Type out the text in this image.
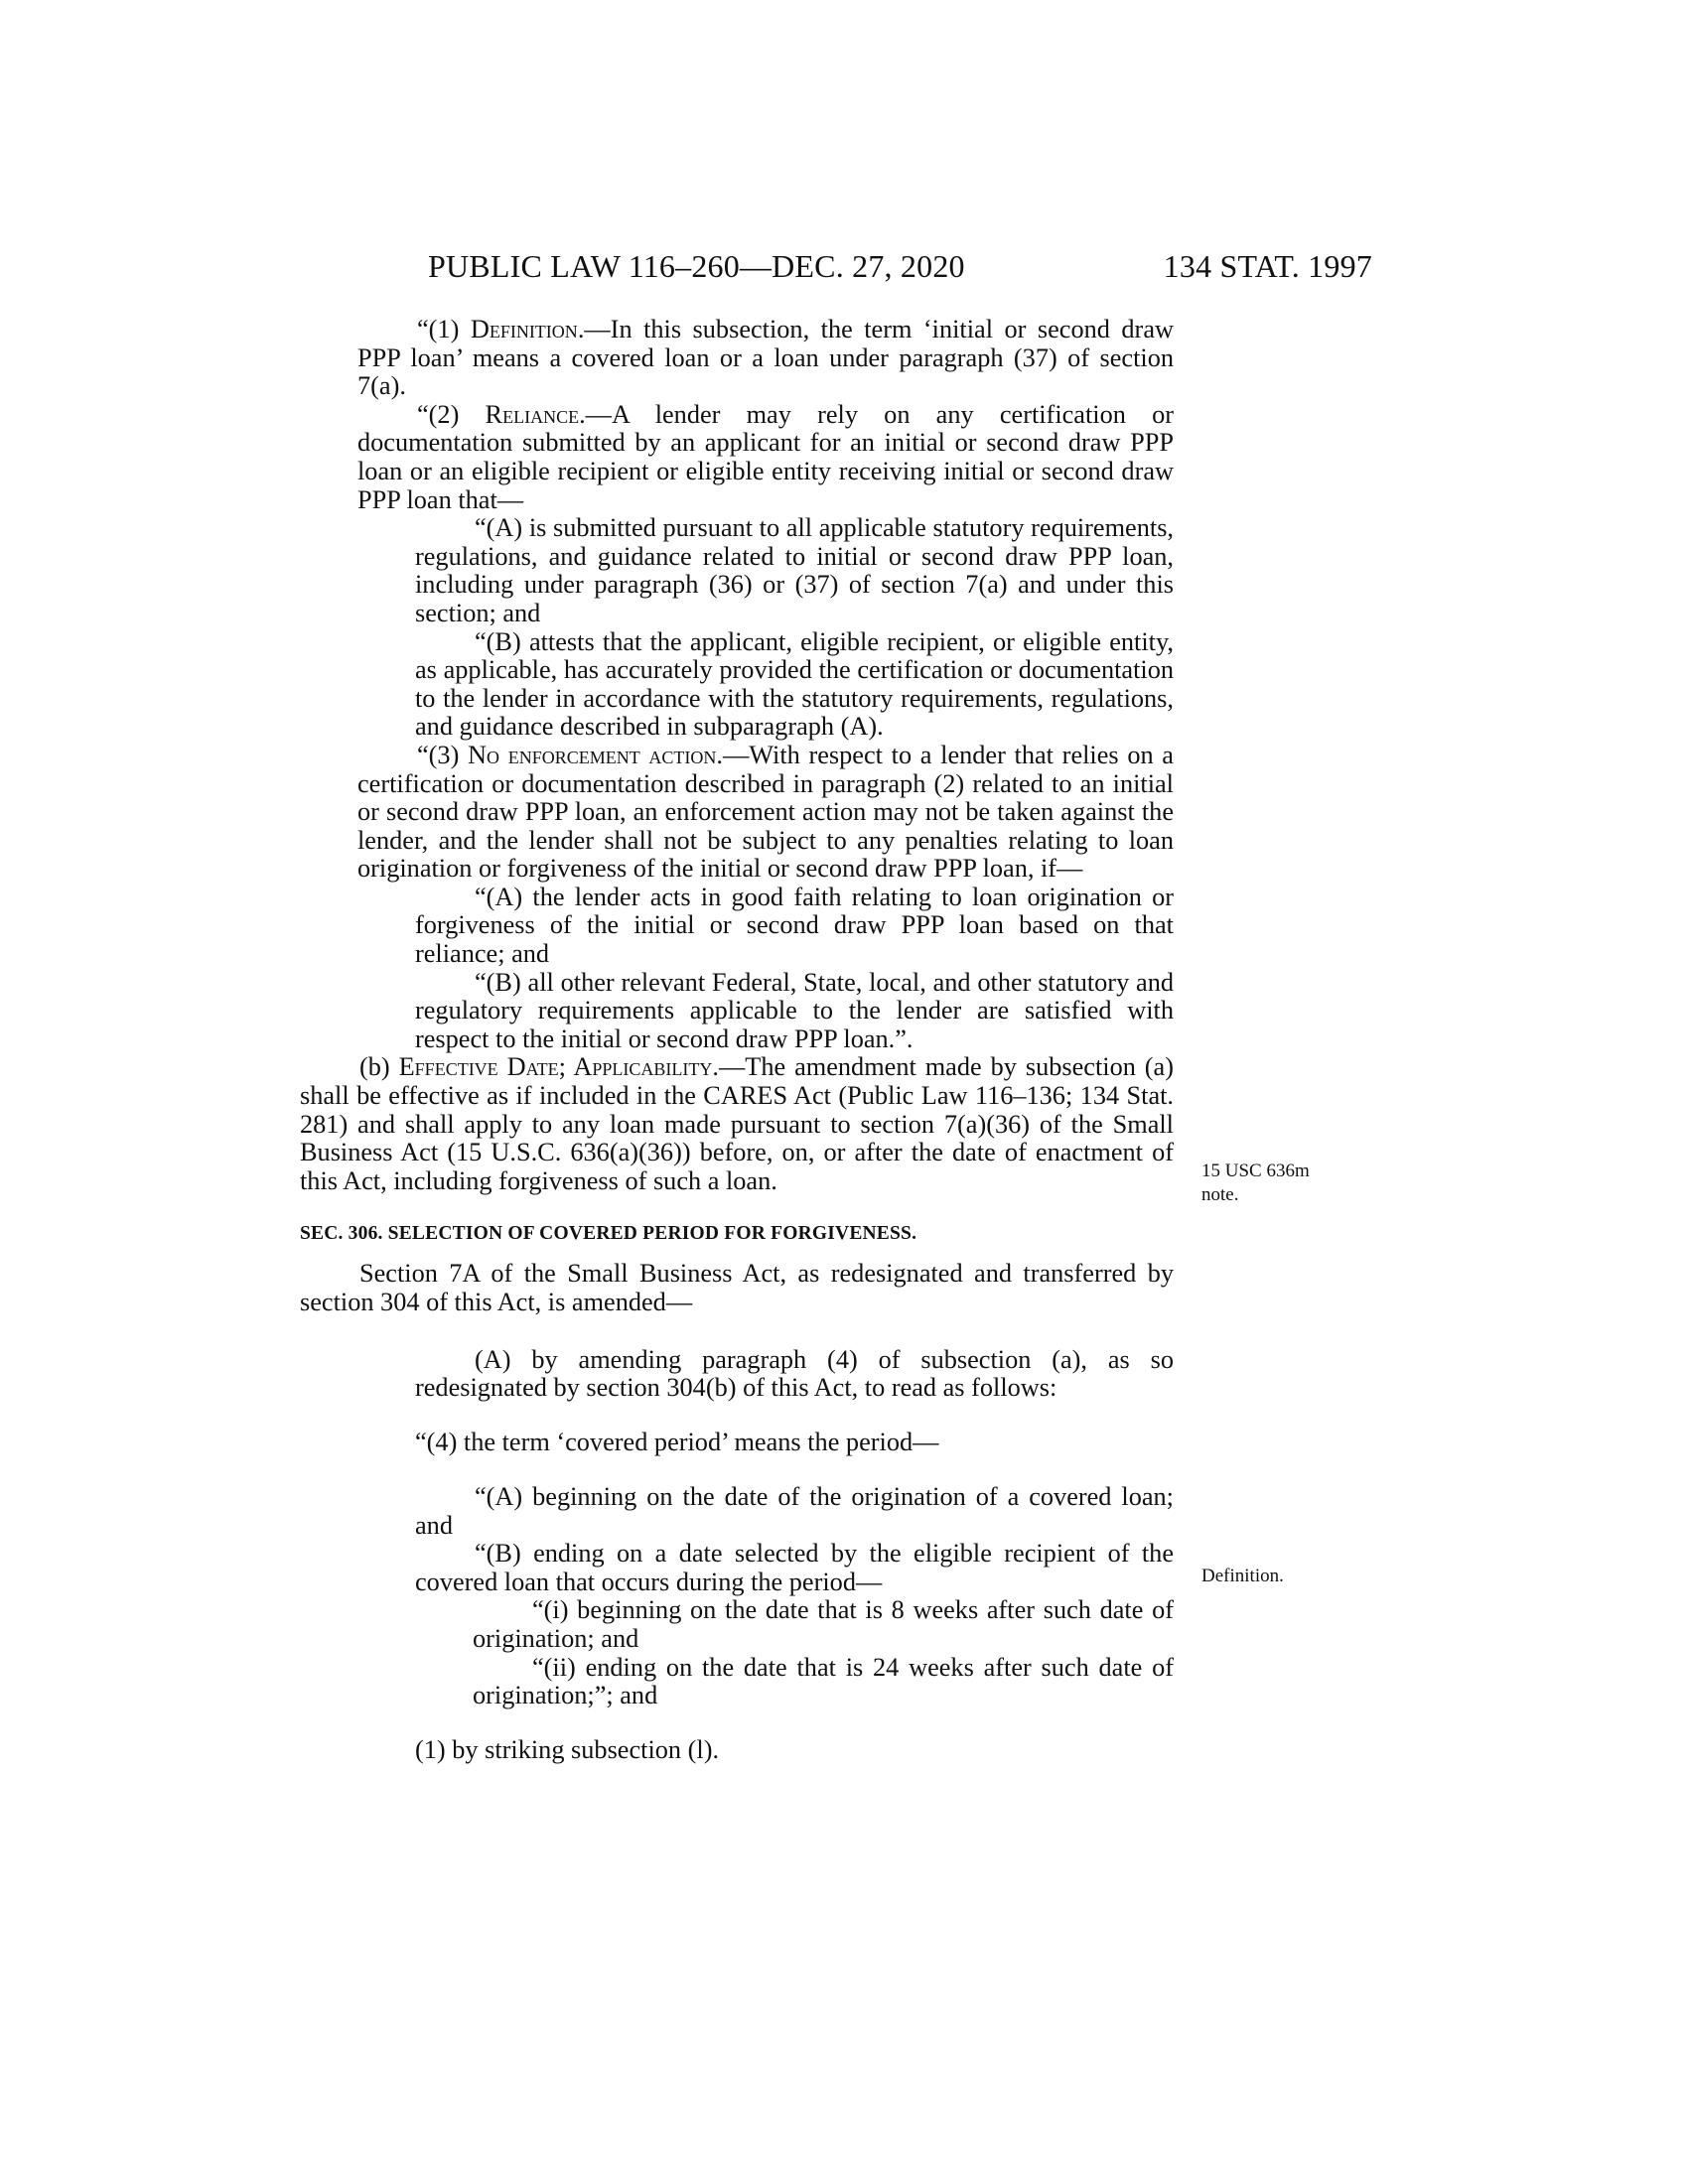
PUBLIC LAW 116–260—DEC. 27, 2020	134 STAT. 1997

“(1) Definition.—In this subsection, the term ‘initial or second draw PPP loan’ means a covered loan or a loan under paragraph (37) of section 7(a).

“(2) Reliance.—A lender may rely on any certification or documentation submitted by an applicant for an initial or second draw PPP loan or an eligible recipient or eligible entity receiving initial or second draw PPP loan that—

“(A) is submitted pursuant to all applicable statutory requirements, regulations, and guidance related to initial or second draw PPP loan, including under paragraph (36) or (37) of section 7(a) and under this section; and

“(B) attests that the applicant, eligible recipient, or eligible entity, as applicable, has accurately provided the certification or documentation to the lender in accordance with the statutory requirements, regulations, and guidance described in subparagraph (A).

“(3) No enforcement action.—With respect to a lender that relies on a certification or documentation described in paragraph (2) related to an initial or second draw PPP loan, an enforcement action may not be taken against the lender, and the lender shall not be subject to any penalties relating to loan origination or forgiveness of the initial or second draw PPP loan, if—

“(A) the lender acts in good faith relating to loan origination or forgiveness of the initial or second draw PPP loan based on that reliance; and

“(B) all other relevant Federal, State, local, and other statutory and regulatory requirements applicable to the lender are satisfied with respect to the initial or second draw PPP loan.”.

(b) Effective Date; Applicability.—The amendment made by subsection (a) shall be effective as if included in the CARES Act (Public Law 116–136; 134 Stat. 281) and shall apply to any loan made pursuant to section 7(a)(36) of the Small Business Act (15 U.S.C. 636(a)(36)) before, on, or after the date of enactment of this Act, including forgiveness of such a loan.

SEC. 306. SELECTION OF COVERED PERIOD FOR FORGIVENESS.

Section 7A of the Small Business Act, as redesignated and transferred by section 304 of this Act, is amended—

(A) by amending paragraph (4) of subsection (a), as so redesignated by section 304(b) of this Act, to read as follows:

“(4) the term ‘covered period’ means the period—

“(A) beginning on the date of the origination of a covered loan; and

“(B) ending on a date selected by the eligible recipient of the covered loan that occurs during the period—

“(i) beginning on the date that is 8 weeks after such date of origination; and

“(ii) ending on the date that is 24 weeks after such date of origination;”; and

(1) by striking subsection (l).

15 USC 636m
note.
Definition.
